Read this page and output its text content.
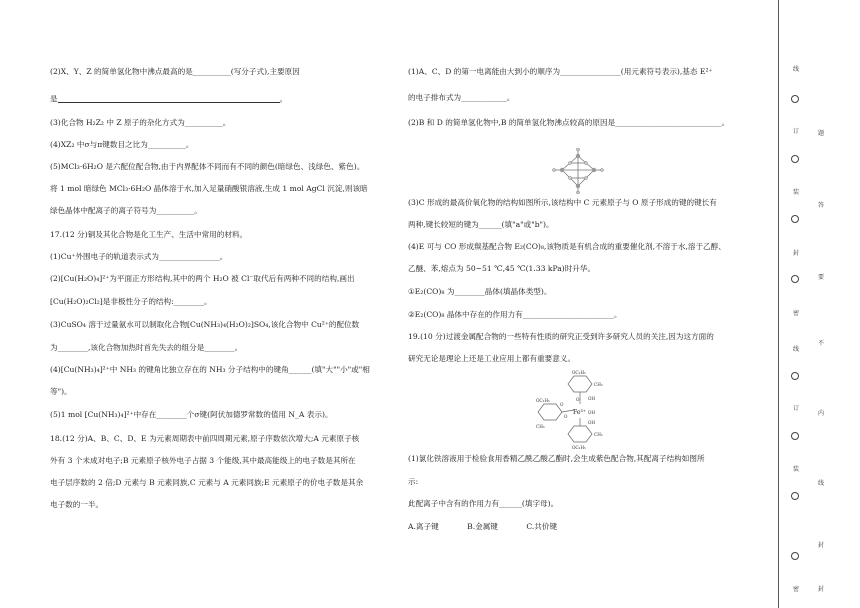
(2)X、Y、Z 的简单氢化物中沸点最高的是__________(写分子式),主要原因
是	。
(3)化合物 H₂Z₂ 中 Z 原子的杂化方式为__________。
(4)XZ₂ 中σ与π键数目之比为__________。
(5)MCl₃·6H₂O 是六配位配合物,由于内界配体不同而有不同的颜色(暗绿色、浅绿色、紫色)。
将 1 mol 暗绿色 MCl₃·6H₂O 晶体溶于水,加入足量硝酸银溶液,生成 1 mol AgCl 沉淀,则该暗
绿色晶体中配离子的离子符号为__________。
17.(12 分)铜及其化合物是化工生产、生活中常用的材料。
(1)Cu⁺外围电子的轨道表示式为________________。
(2)[Cu(H₂O)₄]²⁺为平面正方形结构,其中的两个 H₂O 被 Cl⁻取代后有两种不同的结构,画出
[Cu(H₂O)₂Cl₂]是非极性分子的结构:________。
(3)CuSO₄ 溶于过量氨水可以制取化合物[Cu(NH₃)₄(H₂O)₂]SO₄,该化合物中 Cu²⁺的配位数
为________,该化合物加热时首先失去的组分是________。
(4)[Cu(NH₃)₄]²⁺中 NH₃ 的键角比独立存在的 NH₃ 分子结构中的键角______(填"大""小"或"相
等")。
(5)1 mol [Cu(NH₃)₄]²⁺中存在________个σ键(阿伏加德罗常数的值用 N_A 表示)。
18.(12 分)A、B、C、D、E 为元素周期表中前四周期元素,原子序数依次增大;A 元素原子核
外有 3 个未成对电子;B 元素原子核外电子占据 3 个能级,其中最高能级上的电子数是其所在
电子层序数的 2 倍;D 元素与 B 元素同族,C 元素与 A 元素同族;E 元素原子的价电子数是其余
电子数的一半。
(1)A、C、D 的第一电离能由大到小的顺序为________________(用元素符号表示),基态 E²⁺
的电子排布式为____________。
(2)B 和 D 的简单氢化物中,B 的简单氢化物沸点较高的原因是____________________________。
(3)C 形成的最高价氧化物的结构如图所示,该结构中 C 元素原子与 O 原子形成的键的键长有
两种,键长较短的键为______(填"a"或"b")。
(4)E 可与 CO 形成羰基配合物 E₂(CO)₈,该物质是有机合成的重要催化剂,不溶于水,溶于乙醇、
乙醚、苯,熔点为 50~51 ℃,45 ℃(1.33 kPa)时升华。
①E₂(CO)₈ 为________晶体(填晶体类型)。
②E₂(CO)₈ 晶体中存在的作用力有________________________。
19.(10 分)过渡金属配合物的一些特有性质的研究正受到许多研究人员的关注,因为这方面的
研究无论是理论上还是工业应用上都有重要意义。
Fe³⁺
OC₂H₅
CH₃
OC₂H₅
CH₃
OC₂H₅
CH₃
OH
O
OH
O
OH
O
(1)氯化铁溶液用于检验食用香精乙酰乙酸乙酯时,会生成紫色配合物,其配离子结构如图所
示:
此配离子中含有的作用力有______(填字母)。
A.离子键	B.金属键	C.共价键
线
题
订
答
装
要
封
不
密
内
线
线
订
封
装
密	封
